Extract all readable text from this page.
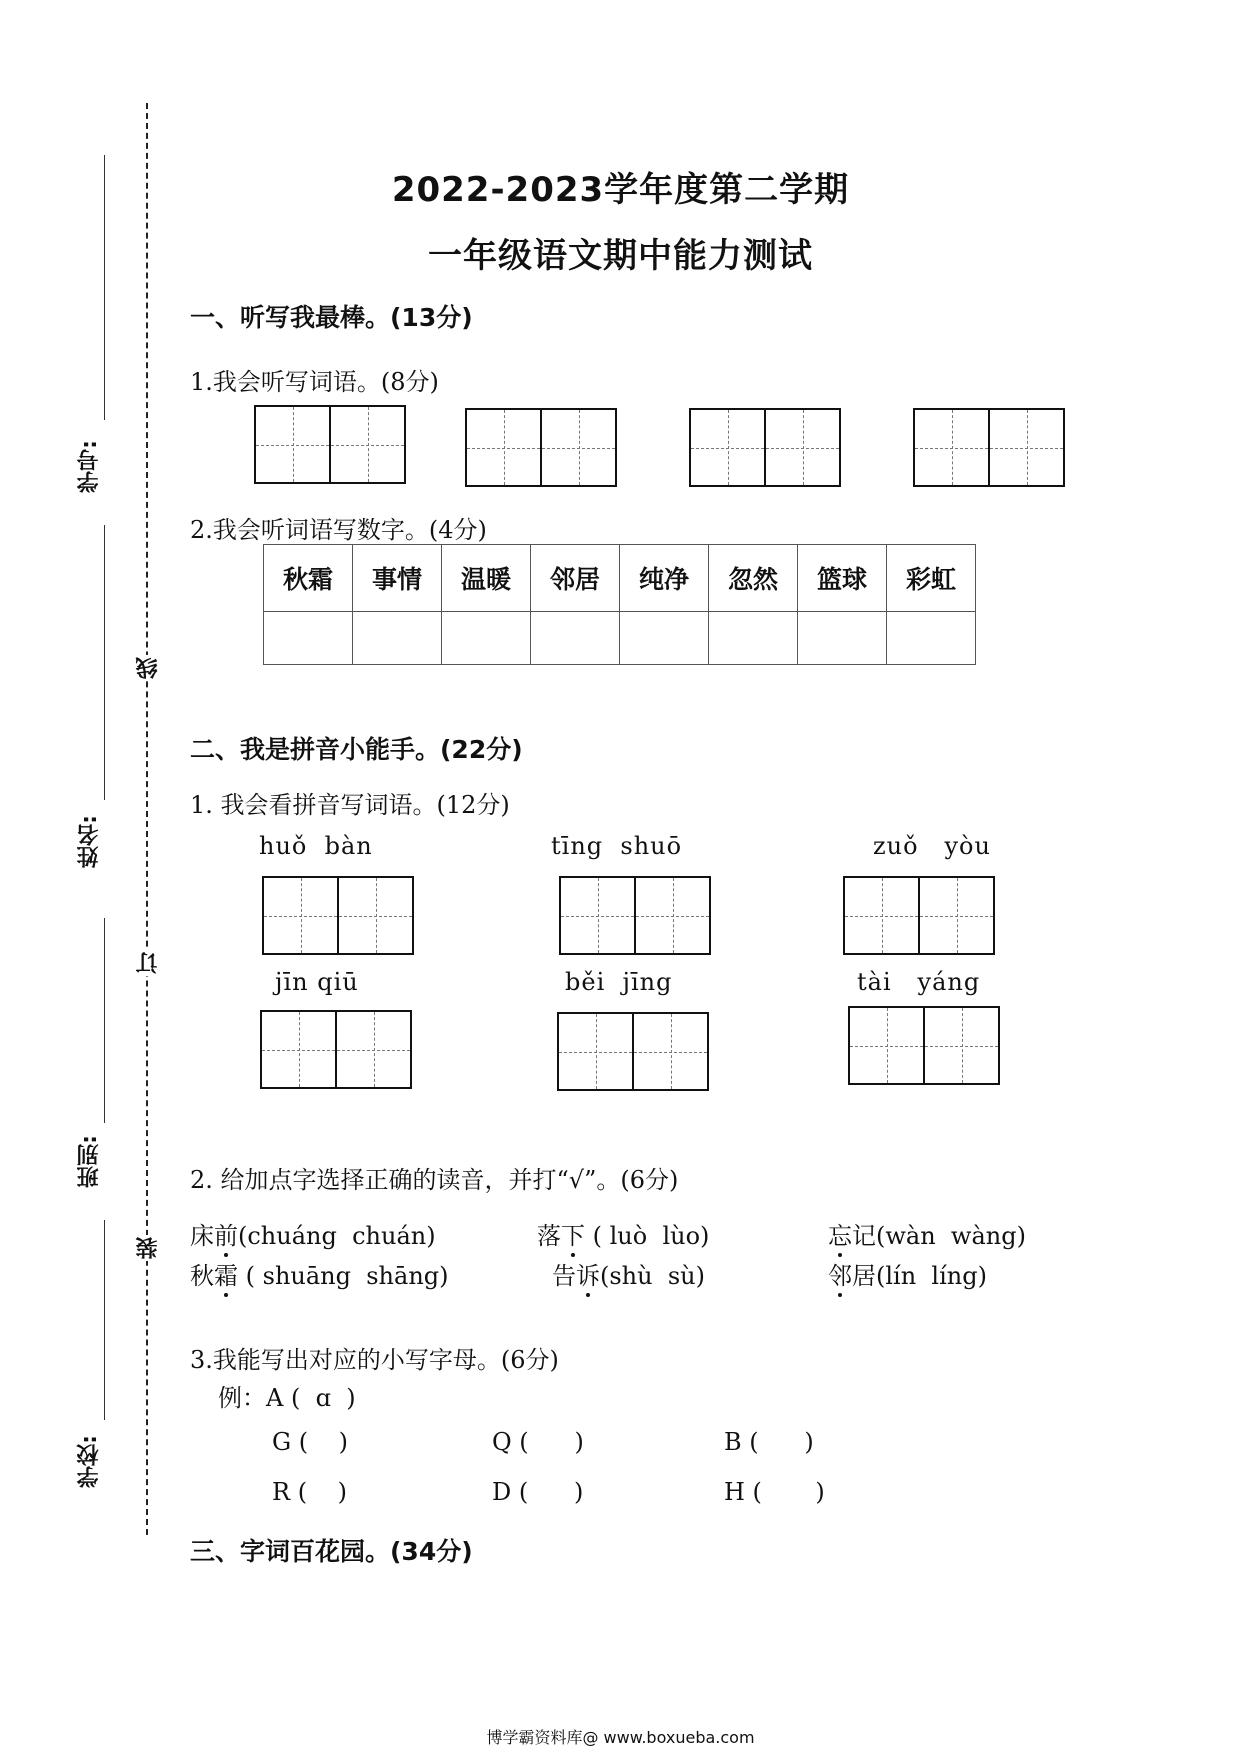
学号:
姓名:
班别:
学校:
线
订
装
2022-2023学年度第二学期
一年级语文期中能力测试
一、听写我最棒。(13分)
1.我会听写词语。(8分)
2.我会听词语写数字。(4分)
秋霜	事情	温暖	邻居	纯净	忽然	篮球	彩虹

二、我是拼音小能手。(22分)
1. 我会看拼音写词语。(12分)
huǒ  bàn	tīng  shuō	zuǒ   yòu
jīn qiū	běi  jīng	tài   yáng
2. 给加点字选择正确的读音，并打“√”。(6分)
床前(chuáng  chuán)	落下 ( luò  lùo)	忘记(wàn  wàng)
秋霜 ( shuāng  shāng)	告诉(shù  sù)	邻居(lín  líng)
3.我能写出对应的小写字母。(6分)
例：A (  ɑ  )
G (    )	Q (      )	B (      )
R (    )	D (      )	H (       )
三、字词百花园。(34分)
博学霸资料库@ www.boxueba.com
